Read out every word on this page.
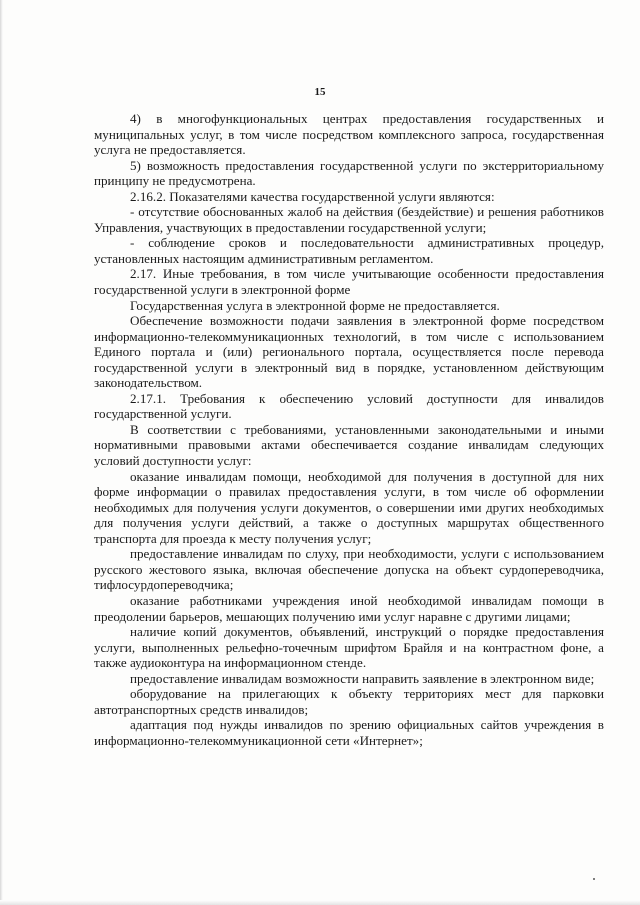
15

4) в многофункциональных центрах предоставления государственных и муниципальных услуг, в том числе посредством комплексного запроса, государственная услуга не предоставляется.

5) возможность предоставления государственной услуги по экстерриториальному принципу не предусмотрена.

2.16.2. Показателями качества государственной услуги являются:

- отсутствие обоснованных жалоб на действия (бездействие) и решения работников Управления, участвующих в предоставлении государственной услуги;

- соблюдение сроков и последовательности административных процедур, установленных настоящим административным регламентом.

2.17. Иные требования, в том числе учитывающие особенности предоставления государственной услуги в электронной форме

Государственная услуга в электронной форме не предоставляется.

Обеспечение возможности подачи заявления в электронной форме посредством информационно-телекоммуникационных технологий, в том числе с использованием Единого портала и (или) регионального портала, осуществляется после перевода государственной услуги в электронный вид в порядке, установленном действующим законодательством.

2.17.1. Требования к обеспечению условий доступности для инвалидов государственной услуги.

В соответствии с требованиями, установленными законодательными и иными нормативными правовыми актами обеспечивается создание инвалидам следующих условий доступности услуг:

оказание инвалидам помощи, необходимой для получения в доступной для них форме информации о правилах предоставления услуги, в том числе об оформлении необходимых для получения услуги документов, о совершении ими других необходимых для получения услуги действий, а также о доступных маршрутах общественного транспорта для проезда к месту получения услуг;

предоставление инвалидам по слуху, при необходимости, услуги с использованием русского жестового языка, включая обеспечение допуска на объект сурдопереводчика, тифлосурдопереводчика;

оказание работниками учреждения иной необходимой инвалидам помощи в преодолении барьеров, мешающих получению ими услуг наравне с другими лицами;

наличие копий документов, объявлений, инструкций о порядке предоставления услуги, выполненных рельефно-точечным шрифтом Брайля и на контрастном фоне, а также аудиоконтура на информационном стенде.

предоставление инвалидам возможности направить заявление в электронном виде;

оборудование на прилегающих к объекту территориях мест для парковки автотранспортных средств инвалидов;

адаптация под нужды инвалидов по зрению официальных сайтов учреждения в информационно-телекоммуникационной сети «Интернет»;
